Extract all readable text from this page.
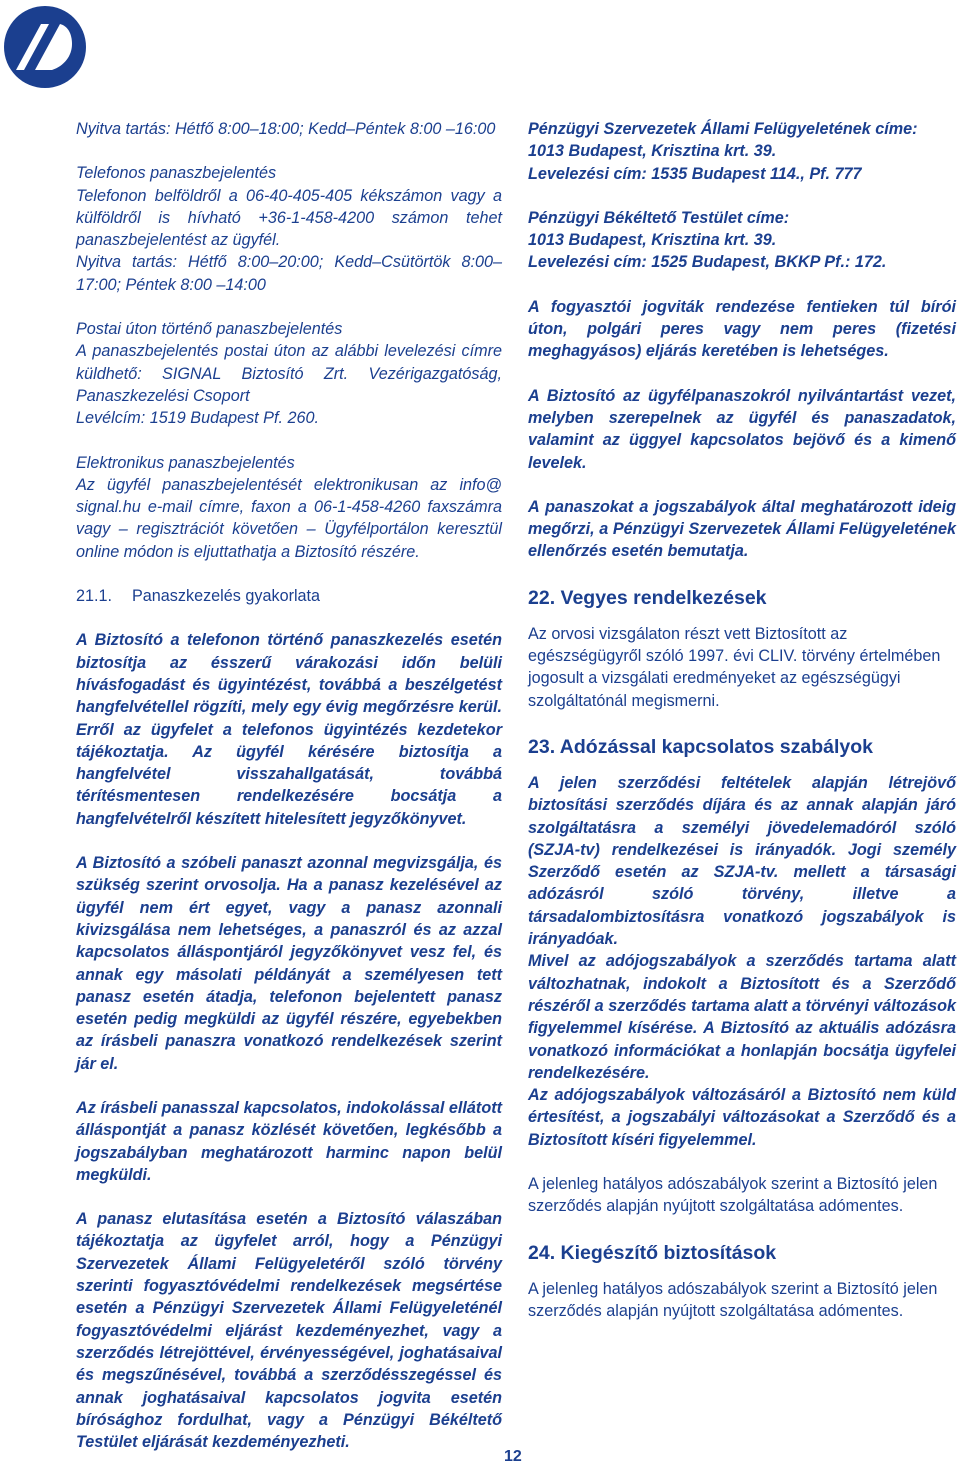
Nyitva tartás: Hétfő 8:00–18:00; Kedd–Péntek 8:00 –16:00

Telefonos panaszbejelentés

Telefonon belföldről a 06-40-405-405 kékszámon vagy a külföldről is hívható +36-1-458-4200 számon tehet panaszbejelentést az ügyfél.

Nyitva tartás: Hétfő 8:00–20:00; Kedd–Csütörtök 8:00–17:00; Péntek 8:00 –14:00

Postai úton történő panaszbejelentés

A panaszbejelentés postai úton az alábbi levelezési címre küldhető: SIGNAL Biztosító Zrt. Vezérigazgatóság, Panaszkezelési Csoport

Levélcím: 1519 Budapest Pf. 260.

Elektronikus panaszbejelentés

Az ügyfél panaszbejelentését elektronikusan az info@ signal.hu e-mail címre, faxon a 06-1-458-4260 faxszámra vagy – regisztrációt követően – Ügyfélportálon keresztül online módon is eljuttathatja a Biztosító részére.

21.1. Panaszkezelés gyakorlata

A Biztosító a telefonon történő panaszkezelés esetén biztosítja az ésszerű várakozási időn belüli hívásfogadást és ügyintézést, továbbá a beszélgetést hangfelvétellel rögzíti, mely egy évig megőrzésre kerül. Erről az ügyfelet a telefonos ügyintézés kezdetekor tájékoztatja. Az ügyfél kérésére biztosítja a hangfelvétel visszahallgatását, továbbá térítésmentesen rendelkezésére bocsátja a hangfelvételről készített hitelesített jegyzőkönyvet.

A Biztosító a szóbeli panaszt azonnal megvizsgálja, és szükség szerint orvosolja. Ha a panasz kezelésével az ügyfél nem ért egyet, vagy a panasz azonnali kivizsgálása nem lehetséges, a panaszról és az azzal kapcsolatos álláspontjáról jegyzőkönyvet vesz fel, és annak egy másolati példányát a személyesen tett panasz esetén átadja, telefonon bejelentett panasz esetén pedig megküldi az ügyfél részére, egyebekben az írásbeli panaszra vonatkozó rendelkezések szerint jár el.

Az írásbeli panasszal kapcsolatos, indokolással ellátott álláspontját a panasz közlését követően, legkésőbb a jogszabályban meghatározott harminc napon belül megküldi.

A panasz elutasítása esetén a Biztosító válaszában tájékoztatja az ügyfelet arról, hogy a Pénzügyi Szervezetek Állami Felügyeletéről szóló törvény szerinti fogyasztóvédelmi rendelkezések megsértése esetén a Pénzügyi Szervezetek Állami Felügyeleténél fogyasztóvédelmi eljárást kezdeményezhet, vagy a szerződés létrejöttével, érvényességével, joghatásaival és megszűnésével, továbbá a szerződésszegéssel és annak joghatásaival kapcsolatos jogvita esetén bírósághoz fordulhat, vagy a Pénzügyi Békéltető Testület eljárását kezdeményezheti.

Pénzügyi Szervezetek Állami Felügyeletének címe:

1013 Budapest, Krisztina krt. 39.

Levelezési cím: 1535 Budapest 114., Pf. 777

Pénzügyi Békéltető Testület címe:

1013 Budapest, Krisztina krt. 39.

Levelezési cím: 1525 Budapest, BKKP Pf.: 172.

A fogyasztói jogviták rendezése fentieken túl bírói úton, polgári peres vagy nem peres (fizetési meghagyásos) eljárás keretében is lehetséges.

A Biztosító az ügyfélpanaszokról nyilvántartást vezet, melyben szerepelnek az ügyfél és panaszadatok, valamint az üggyel kapcsolatos bejövő és a kimenő levelek.

A panaszokat a jogszabályok által meghatározott ideig megőrzi, a Pénzügyi Szervezetek Állami Felügyeletének ellenőrzés esetén bemutatja.

22. Vegyes rendelkezések

Az orvosi vizsgálaton részt vett Biztosított az egészségügyről szóló 1997. évi CLIV. törvény értelmében jogosult a vizsgálati eredményeket az egészségügyi szolgáltatónál megismerni.

23. Adózással kapcsolatos szabályok

A jelen szerződési feltételek alapján létrejövő biztosítási szerződés díjára és az annak alapján járó szolgáltatásra a személyi jövedelemadóról szóló (SZJA-tv) rendelkezései is irányadók. Jogi személy Szerződő esetén az SZJA-tv. mellett a társasági adózásról szóló törvény, illetve a társadalombiztosításra vonatkozó jogszabályok is irányadóak.

Mivel az adójogszabályok a szerződés tartama alatt változhatnak, indokolt a Biztosított és a Szerződő részéről a szerződés tartama alatt a törvényi változások figyelemmel kísérése. A Biztosító az aktuális adózásra vonatkozó információkat a honlapján bocsátja ügyfelei rendelkezésére.

Az adójogszabályok változásáról a Biztosító nem küld értesítést, a jogszabályi változásokat a Szerződő és a Biztosított kíséri figyelemmel.

A jelenleg hatályos adószabályok szerint a Biztosító jelen szerződés alapján nyújtott szolgáltatása adómentes.

24. Kiegészítő biztosítások

A jelenleg hatályos adószabályok szerint a Biztosító jelen szerződés alapján nyújtott szolgáltatása adómentes.

12
